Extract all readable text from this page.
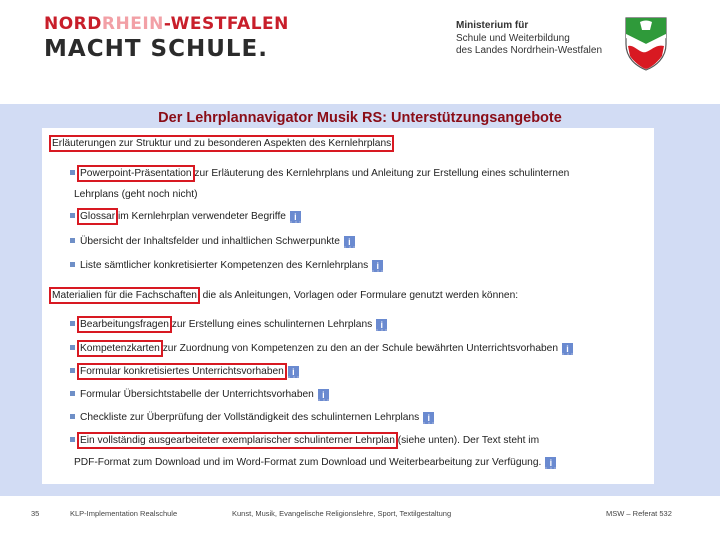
NORDRHEIN-WESTFALEN
MACHT SCHULE.
Ministerium für
Schule und Weiterbildung
des Landes Nordrhein-Westfalen
Der Lehrplannavigator Musik RS: Unterstützungsangebote
Erläuterungen zur Struktur und zu besonderen Aspekten des Kernlehrplans
Powerpoint-Präsentation zur Erläuterung des Kernlehrplans und Anleitung zur Erstellung eines schulinternen
Lehrplans (geht noch nicht)
Glossar im Kernlehrplan verwendeter Begriffe i
Übersicht der Inhaltsfelder und inhaltlichen Schwerpunkte i
Liste sämtlicher konkretisierter Kompetenzen des Kernlehrplans i
Materialien für die Fachschaften, die als Anleitungen, Vorlagen oder Formulare genutzt werden können:
Bearbeitungsfragen zur Erstellung eines schulinternen Lehrplans i
Kompetenzkarten zur Zuordnung von Kompetenzen zu den an der Schule bewährten Unterrichtsvorhaben i
Formular konkretisiertes Unterrichtsvorhaben i
Formular Übersichtstabelle der Unterrichtsvorhaben i
Checkliste zur Überprüfung der Vollständigkeit des schulinternen Lehrplans i
Ein vollständig ausgearbeiteter exemplarischer schulinterner Lehrplan (siehe unten). Der Text steht im
PDF-Format zum Download und im Word-Format zum Download und Weiterbearbeitung zur Verfügung. i
35	KLP-Implementation Realschule	Kunst, Musik, Evangelische Religionslehre, Sport, Textilgestaltung	MSW – Referat 532
